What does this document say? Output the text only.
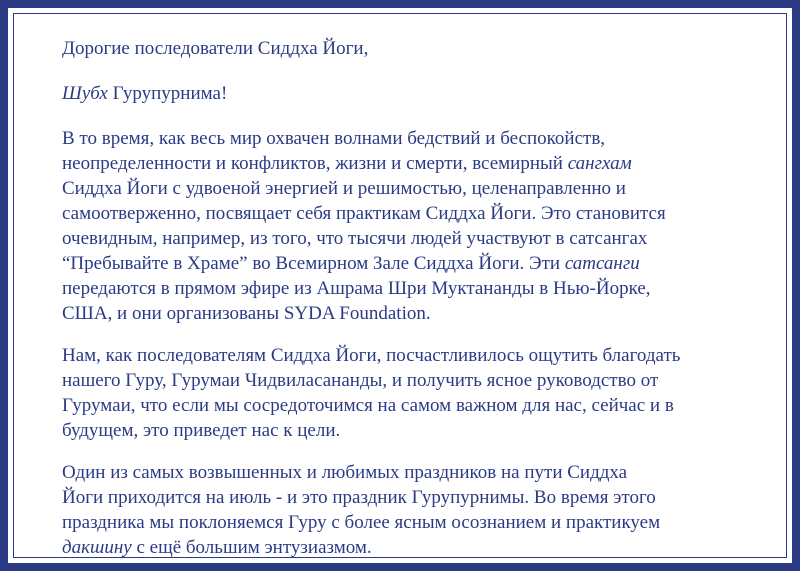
Дорогие последователи Сиддха Йоги,

Шубх Гурупурнима!

В то время, как весь мир охвачен волнами бедствий и беспокойств,
неопределенности и конфликтов, жизни и смерти, всемирный сангхам
Сиддха Йоги с удвоеной энергией и решимостью, целенаправленно и
самоотверженно, посвящает себя практикам Сиддха Йоги. Это становится
очевидным, например, из того, что тысячи людей участвуют в сатсангах
“Пребывайте в Храме” во Всемирном Зале Сиддха Йоги. Эти сатсанги
передаются в прямом эфире из Ашрама Шри Муктананды в Нью-Йорке,
США, и они организованы SYDA Foundation.

Нам, как последователям Сиддха Йоги, посчастливилось ощутить благодать
нашего Гуру, Гурумаи Чидвиласананды, и получить ясное руководство от
Гурумаи, что если мы сосредоточимся на самом важном для нас, сейчас и в
будущем, это приведет нас к цели.

Один из самых возвышенных и любимых праздников на пути Сиддха
Йоги приходится на июль - и это праздник Гурупурнимы. Во время этого
праздника мы поклоняемся Гуру с более ясным осознанием и практикуем
дакшину с ещё большим энтузиазмом.
